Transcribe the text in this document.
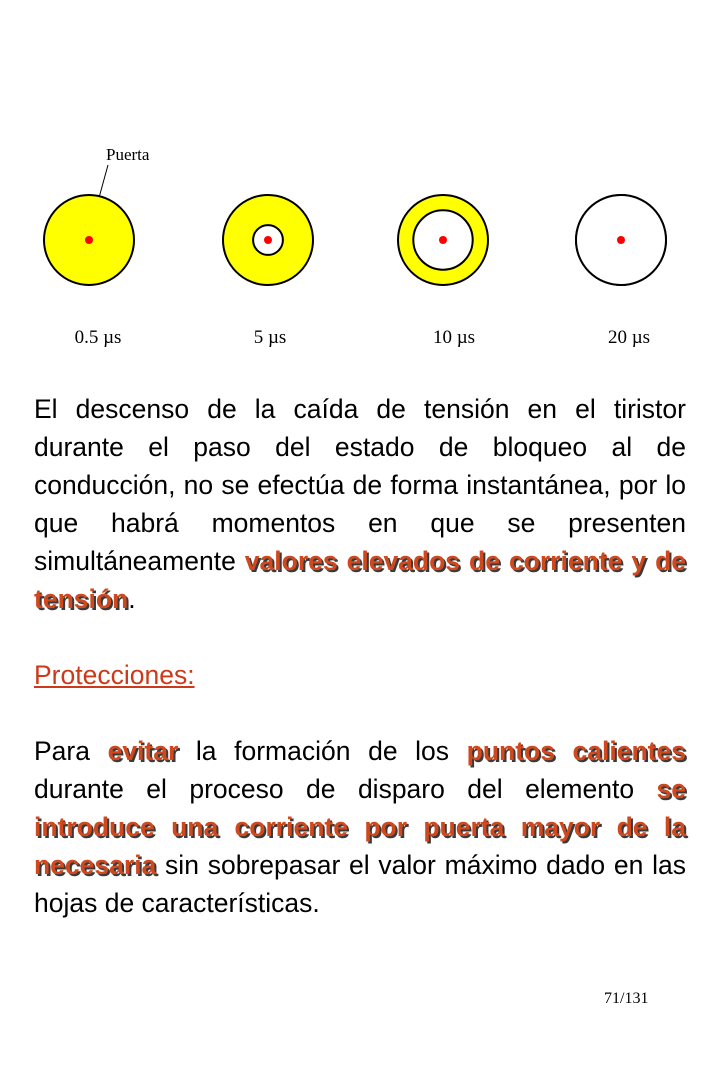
Puerta
0.5 µs	5 µs	10 µs	20 µs

El descenso de la caída de tensión en el tiristor durante el paso del estado de bloqueo al de conducción, no se efectúa de forma instantánea, por lo que habrá momentos en que se presenten simultáneamente valores elevados de corriente y de tensión.

Protecciones:

Para evitar la formación de los puntos calientes durante el proceso de disparo del elemento se introduce una corriente por puerta mayor de la necesaria sin sobrepasar el valor máximo dado en las hojas de características.

71/131
